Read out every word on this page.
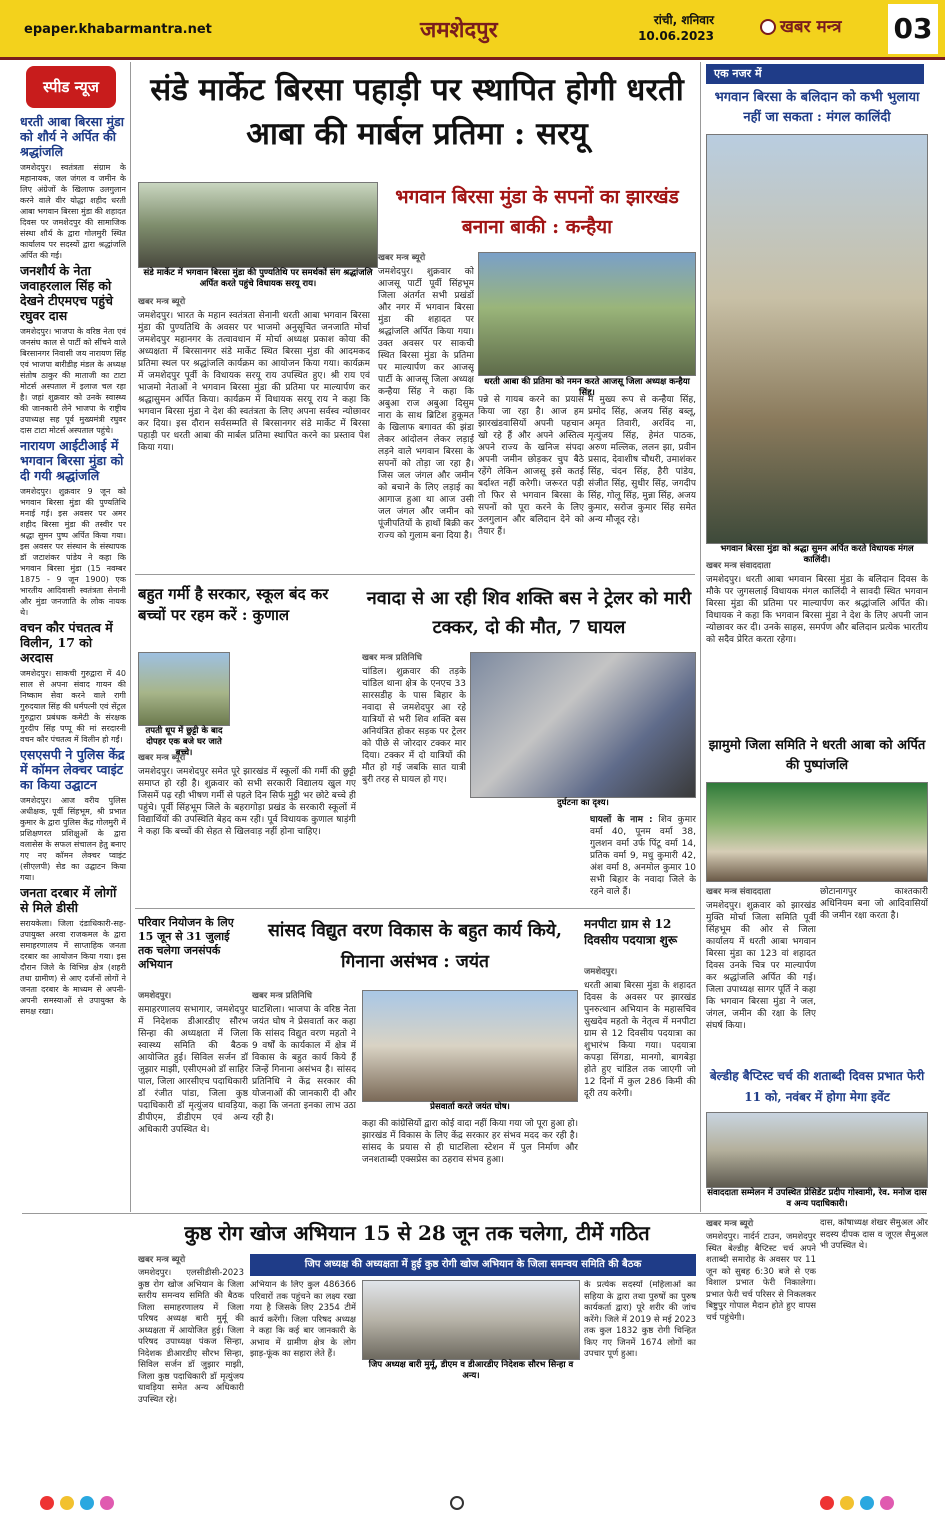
epaper.khabarmantra.net	जमशेदपुर	रांची, शनिवार
10.06.2023	खबर मन्त्र 03
स्पीड न्यूज
धरती आबा बिरसा मुंडा को शौर्य ने अर्पित की श्रद्धांजलि
जमशेदपुर। स्वतंत्रता संग्राम के महानायक, जल जंगल व जमीन के लिए अंग्रेजों के खिलाफ उलगुलान करने वाले वीर योद्धा शहीद धरती आबा भगवान बिरसा मुंडा की शहादत दिवस पर जमशेदपुर की सामाजिक संस्था शौर्य के द्वारा गोलमुरी स्थित कार्यालय पर सदस्यों द्वारा श्रद्धांजलि अर्पित की गई।
जनशौर्य के नेता जवाहरलाल सिंह को देखने टीएमएच पहुंचे रघुवर दास
जमशेदपुर। भाजपा के वरिष्ठ नेता एवं जनसंघ काल से पार्टी को सींचने वाले बिरसानगर निवासी जय नारायण सिंह एवं भाजपा बारीडीह मंडल के अध्यक्ष संतोष ठाकुर की माताजी का टाटा मोटर्स अस्पताल में इलाज चल रहा है। जहां शुक्रवार को उनके स्वास्थ्य की जानकारी लेने भाजपा के राष्ट्रीय उपाध्यक्ष सह पूर्व मुख्यमंत्री रघुवर दास टाटा मोटर्स अस्पताल पहुंचे।
नारायण आईटीआई में भगवान बिरसा मुंडा को दी गयी श्रद्धांजलि
जमशेदपुर। शुक्रवार 9 जून को भगवान बिरसा मुंडा की पुण्यतिथि मनाई गई। इस अवसर पर अमर शहीद बिरसा मुंडा की तस्वीर पर श्रद्धा सुमन पुष्प अर्पित किया गया। इस अवसर पर संस्थान के संस्थापक डॉ जटाशंकर पांडेय ने कहा कि भगवान बिरसा मुंडा (15 नवम्बर 1875 - 9 जून 1900) एक भारतीय आदिवासी स्वतंत्रता सेनानी और मुंडा जनजाति के लोक नायक थे।
वचन कौर पंचतत्व में विलीन, 17 को अरदास
जमशेदपुर। साकची गुरुद्वारा में 40 साल से अपना संवाद गायन की निष्काम सेवा करने वाले रागी गुरुदयाल सिंह की धर्मपत्नी एवं सेंट्रल गुरुद्वारा प्रबंधक कमेटी के संरक्षक गुरदीप सिंह पप्पू की मां सरदारनी वचन कौर पंचतत्व में विलीन हो गईं।
एसएसपी ने पुलिस केंद्र में कॉमन लेक्चर प्वाइंट का किया उद्घाटन
जमशेदपुर। आज वरीय पुलिस अधीक्षक, पूर्वी सिंहभूम, श्री प्रभात कुमार के द्वारा पुलिस केंद्र गोलमुरी में प्रशिक्षणरत प्रशिक्षुओं के द्वारा वलासेस के सफल संचालन हेतु बनाए गए नए कॉमन लेक्चर प्वाइंट (सीएलपी) सेड का उद्घाटन किया गया।
जनता दरबार में लोगों से मिले डीसी
सरायकेला। जिला दंडाधिकारी-सह-उपायुक्त अरवा राजकमल के द्वारा समाहरणालय में साप्ताहिक जनता दरबार का आयोजन किया गया। इस दौरान जिले के विभिन्न क्षेत्र (शहरी तथा ग्रामीण) से आए दर्जनों लोगों ने जनता दरबार के माध्यम से अपनी-अपनी समस्याओं से उपायुक्त के समक्ष रखा।
संडे मार्केट बिरसा पहाड़ी पर स्थापित होगी धरती आबा की मार्बल प्रतिमा : सरयू
संडे मार्केट में भगवान बिरसा मुंडा की पुण्यतिथि पर समर्थकों संग श्रद्धांजलि अर्पित करते पहुंचे विधायक सरयू राय।
खबर मन्त्र ब्यूरो
जमशेदपुर। भारत के महान स्वतंत्रता सेनानी धरती आबा भगवान बिरसा मुंडा की पुण्यतिथि के अवसर पर भाजमो अनुसूचित जनजाति मोर्चा जमशेदपुर महानगर के तत्वावधान में मोर्चा अध्यक्ष प्रकाश कोया की अध्यक्षता में बिरसानगर संडे मार्केट स्थित बिरसा मुंडा की आदमकद प्रतिमा स्थल पर श्रद्धांजलि कार्यक्रम का आयोजन किया गया। कार्यक्रम में जमशेदपुर पूर्वी के विधायक सरयू राय उपस्थित हुए। श्री राय एवं भाजमो नेताओं ने भगवान बिरसा मुंडा की प्रतिमा पर माल्यार्पण कर श्रद्धासुमन अर्पित किया। कार्यक्रम में विधायक सरयू राय ने कहा कि भगवान बिरसा मुंडा ने देश की स्वतंत्रता के लिए अपना सर्वस्व न्योछावर कर दिया। इस दौरान सर्वसम्मति से बिरसानगर संडे मार्केट में बिरसा पहाड़ी पर धरती आबा की मार्बल प्रतिमा स्थापित करने का प्रस्ताव पेश किया गया।
भगवान बिरसा मुंडा के सपनों का झारखंड बनाना बाकी : कन्हैया
खबर मन्त्र ब्यूरो
जमशेदपुर। शुक्रवार को आजसू पार्टी पूर्वी सिंहभूम जिला अंतर्गत सभी प्रखंडों और नगर में भगवान बिरसा मुंडा की शहादत पर श्रद्धांजलि अर्पित किया गया। उक्त अवसर पर साकची स्थित बिरसा मुंडा के प्रतिमा पर माल्यार्पण कर आजसू पार्टी के आजसू जिला अध्यक्ष कन्हैया सिंह ने कहा कि अबुआ राज अबुआ दिसुम नारा के साथ ब्रिटिश हुकूमत के खिलाफ बगावत की झंडा लेकर आंदोलन लेकर लड़ाई लड़ने वाले भगवान बिरसा के सपनों को तोड़ा जा रहा है। जिस जल जंगल और जमीन को बचाने के लिए लड़ाई का आगाज हुआ था आज उसी जल जंगल और जमीन को पूंजीपतियों के हाथों बिक्री कर राज्य को गुलाम बना दिया है।
धरती आबा की प्रतिमा को नमन करते आजसू जिला अध्यक्ष कन्हैया सिंह।
पन्ने से गायब करने का प्रयास किया जा रहा है। आज हम झारखंडवासियों अपनी पहचान खो रहे हैं और अपने अस्तित्व अपने राज्य के खनिज संपदा अपनी जमीन छोड़कर चुप बैठे रहेंगे लेकिन आजसू इसे कतई बर्दाश्त नहीं करेगी। जरूरत पड़ी तो फिर से भगवान बिरसा के सपनों को पूरा करने के लिए उलगुलान और बलिदान देने को तैयार हैं।
में मुख्य रूप से कन्हैया सिंह, प्रमोद सिंह, अजय सिंह बब्लू, अमृत तिवारी, अरविंद ना, मृत्युंजय सिंह, हेमंत पाठक, अरुण मल्लिक, ललन झा, प्रवीन प्रसाद, देवाशीष चौधरी, उमाशंकर सिंह, चंदन सिंह, हैरी पांडेय, संजीत सिंह, सुधीर सिंह, जगदीप सिंह, गोलू सिंह, मुन्ना सिंह, अजय कुमार, सरोज कुमार सिंह समेत अन्य मौजूद रहे।
एक नजर में
भगवान बिरसा के बलिदान को कभी भुलाया नहीं जा सकता : मंगल कालिंदी
भगवान बिरसा मुंडा को श्रद्धा सुमन अर्पित करते विधायक मंगल कालिंदी।
खबर मन्त्र संवाददाता
जमशेदपुर। धरती आबा भगवान बिरसा मुंडा के बलिदान दिवस के मौके पर जुगसलाई विधायक मंगल कालिंदी ने सावदी स्थित भगवान बिरसा मुंडा की प्रतिमा पर माल्यार्पण कर श्रद्धांजलि अर्पित की। विधायक ने कहा कि भगवान बिरसा मुंडा ने देश के लिए अपनी जान न्योछावर कर दी। उनके साहस, समर्पण और बलिदान प्रत्येक भारतीय को सदैव प्रेरित करता रहेगा।
बहुत गर्मी है सरकार, स्कूल बंद कर बच्चों पर रहम करें : कुणाल
तपती धूप में छुट्टी के बाद दोपहर एक बजे घर जाते बच्चे।
खबर मन्त्र ब्यूरो
जमशेदपुर। जमशेदपुर समेत पूरे झारखंड में स्कूलों की गर्मी की छुट्टी समाप्त हो रही है। शुक्रवार को सभी सरकारी विद्यालय खुल गए जिसमें पढ़ रही भीषण गर्मी से पहले दिन सिर्फ मुट्ठी भर छोटे बच्चे ही पहुंचे। पूर्वी सिंहभूम जिले के बहरागोड़ा प्रखंड के सरकारी स्कूलों में विद्यार्थियों की उपस्थिति बेहद कम रही। पूर्व विधायक कुणाल षाड़ंगी ने कहा कि बच्चों की सेहत से खिलवाड़ नहीं होना चाहिए।
नवादा से आ रही शिव शक्ति बस ने ट्रेलर को मारी टक्कर, दो की मौत, 7 घायल
खबर मन्त्र प्रतिनिधि
चांडिल। शुक्रवार की तड़के चांडिल थाना क्षेत्र के एनएच 33 सारसडीह के पास बिहार के नवादा से जमशेदपुर आ रहे यात्रियों से भरी शिव शक्ति बस अनियंत्रित होकर सड़क पर ट्रेलर को पीछे से जोरदार टक्कर मार दिया। टक्कर में दो यात्रियों की मौत हो गई जबकि सात यात्री बुरी तरह से घायल हो गए।
दुर्घटना का दृश्य।
घायलों के नाम : शिव कुमार वर्मा 40, पूनम वर्मा 38, गुलशन वर्मा उर्फ पिंटू वर्मा 14, प्रतिक वर्मा 9, मधु कुमारी 42, अंश वर्मा 8, अनमोल कुमार 10 सभी बिहार के नवादा जिले के रहने वाले हैं।
परिवार नियोजन के लिए 15 जून से 31 जुलाई तक चलेगा जनसंपर्क अभियान
जमशेदपुर।
समाहरणालय सभागार, जमशेदपुर में निदेशक डीआरडीए सौरभ सिन्हा की अध्यक्षता में जिला स्वास्थ्य समिति की बैठक आयोजित हुई। सिविल सर्जन डॉ जुझार माझी, एसीएमओ डॉ साहिर पाल, जिला आरसीएच पदाधिकारी डॉ रंजीत पांडा, जिला कुष्ठ पदाधिकारी डॉ मृत्युंजय धावड़िया, डीपीएम, डीडीएम एवं अन्य अधिकारी उपस्थित थे।
सांसद विद्युत वरण विकास के बहुत कार्य किये, गिनाना असंभव : जयंत
खबर मन्त्र प्रतिनिधि
घाटशिला। भाजपा के वरिष्ठ नेता जयंत घोष ने प्रेसवार्ता कर कहा कि सांसद विद्युत वरण महतो ने 9 वर्षों के कार्यकाल में क्षेत्र में विकास के बहुत कार्य किये हैं जिन्हें गिनाना असंभव है। सांसद प्रतिनिधि ने केंद्र सरकार की योजनाओं की जानकारी दी और कहा कि जनता इनका लाभ उठा रही है।
प्रेसवार्ता करते जयंत घोष।
कहा की कांग्रेसियों द्वारा कोई वादा नहीं किया गया जो पूरा हुआ हो। झारखंड में विकास के लिए केंद्र सरकार हर संभव मदद कर रही है। सांसद के प्रयास से ही घाटशिला स्टेशन में पुल निर्माण और जनशताब्दी एक्सप्रेस का ठहराव संभव हुआ।
मनपीटा ग्राम से 12 दिवसीय पदयात्रा शुरू
जमशेदपुर।
धरती आबा बिरसा मुंडा के शहादत दिवस के अवसर पर झारखंड पुनरुत्थान अभियान के महासचिव सुखदेव महतो के नेतृत्व में मनपीटा ग्राम से 12 दिवसीय पदयात्रा का शुभारंभ किया गया। पदयात्रा कपड़ा सिंगडा, मानगो, बागबेड़ा होते हुए चांडिल तक जाएगी जो 12 दिनों में कुल 286 किमी की दूरी तय करेगी।
झामुमो जिला समिति ने धरती आबा को अर्पित की पुष्पांजलि
खबर मन्त्र संवाददाता
जमशेदपुर। शुक्रवार को झारखंड मुक्ति मोर्चा जिला समिति पूर्वी सिंहभूम की ओर से जिला कार्यालय में धरती आबा भगवान बिरसा मुंडा का 123 वां शहादत दिवस उनके चित्र पर माल्यार्पण कर श्रद्धांजलि अर्पित की गई। जिला उपाध्यक्ष सागर पूर्ति ने कहा कि भगवान बिरसा मुंडा ने जल, जंगल, जमीन की रक्षा के लिए संघर्ष किया।
छोटानागपुर काश्तकारी अधिनियम बना जो आदिवासियों की जमीन रक्षा करता है।
बेल्डीह बैप्टिस्ट चर्च की शताब्दी दिवस प्रभात फेरी 11 को, नवंबर में होगा मेगा इवेंट
संवाददाता सम्मेलन में उपस्थित प्रेसिडेंट प्रदीप गोस्वामी, रेव. मनोज दास व अन्य पदाधिकारी।
कुष्ठ रोग खोज अभियान 15 से 28 जून तक चलेगा, टीमें गठित
खबर मन्त्र ब्यूरो
जमशेदपुर। एलसीडीसी-2023 कुष्ठ रोग खोज अभियान के जिला स्तरीय समन्वय समिति की बैठक जिला समाहरणालय में जिला परिषद अध्यक्ष बारी मुर्मू की अध्यक्षता में आयोजित हुई। जिला परिषद उपाध्यक्ष पंकज सिन्हा, निदेशक डीआरडीए सौरभ सिन्हा, सिविल सर्जन डॉ जुझार माझी, जिला कुष्ठ पदाधिकारी डॉ मृत्युंजय धावड़िया समेत अन्य अधिकारी उपस्थित रहे।
जिप अध्यक्ष की अध्यक्षता में हुई कुष्ठ रोगी खोज अभियान के जिला समन्वय समिति की बैठक
अभियान के लिए कुल 486366 परिवारों तक पहुंचने का लक्ष्य रखा गया है जिसके लिए 2354 टीमें कार्य करेंगी। जिला परिषद अध्यक्ष ने कहा कि कई बार जानकारी के अभाव में ग्रामीण क्षेत्र के लोग झाड़-फूंक का सहारा लेते हैं।
जिप अध्यक्ष बारी मुर्मू, डीएम व डीआरडीए निदेशक सौरभ सिन्हा व अन्य।
के प्रत्येक सदस्यों (महिलाओं का सहिया के द्वारा तथा पुरुषों का पुरुष कार्यकर्ता द्वारा) पूरे शरीर की जांच करेंगे। जिले में 2019 से मई 2023 तक कुल 1832 कुष्ठ रोगी चिन्हित किए गए जिनमें 1674 लोगों का उपचार पूर्ण हुआ।
खबर मन्त्र ब्यूरो
जमशेदपुर। नार्दर्न टाउन, जमशेदपुर स्थित बेल्डीह बैप्टिस्ट चर्च अपने शताब्दी समारोह के अवसर पर 11 जून को सुबह 6:30 बजे से एक विशाल प्रभात फेरी निकालेगा। प्रभात फेरी चर्च परिसर से निकलकर बिष्टुपुर गोपाल मैदान होते हुए वापस चर्च पहुंचेगी।
दास, कोषाध्यक्ष शेखर सैमुअल और सदस्य दीपक दास व जूएल सैमुअल भी उपस्थित थे।
